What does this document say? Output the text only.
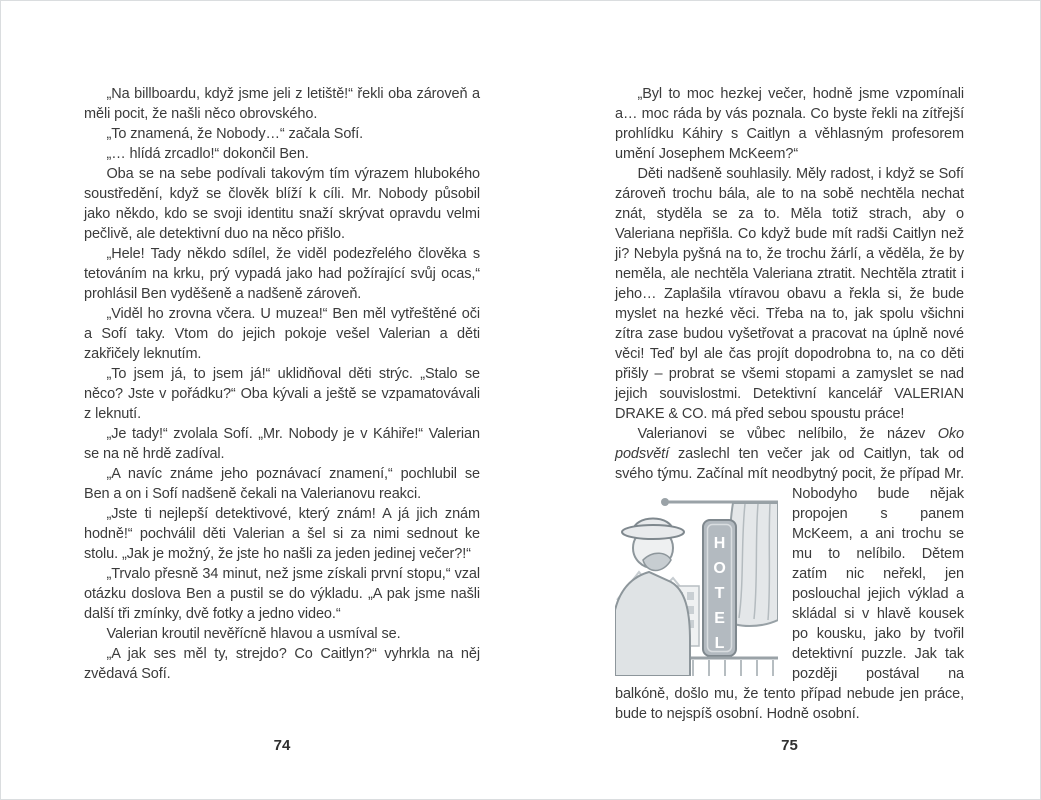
„Na billboardu, když jsme jeli z letiště!“ řekli oba zároveň a měli pocit, že našli něco obrovského.

„To znamená, že Nobody…“ začala Sofí.

„… hlídá zrcadlo!“ dokončil Ben.

Oba se na sebe podívali takovým tím výrazem hlubokého soustředění, když se člověk blíží k cíli. Mr. Nobody působil jako někdo, kdo se svoji identitu snaží skrývat opravdu velmi pečlivě, ale detektivní duo na něco přišlo.

„Hele! Tady někdo sdílel, že viděl podezřelého člověka s tetováním na krku, prý vypadá jako had požírající svůj ocas,“ prohlásil Ben vyděšeně a nadšeně zároveň.

„Viděl ho zrovna včera. U muzea!“ Ben měl vytřeštěné oči a Sofí taky. Vtom do jejich pokoje vešel Valerian a děti zakřičely leknutím.

„To jsem já, to jsem já!“ uklidňoval děti strýc. „Stalo se něco? Jste v pořádku?“ Oba kývali a ještě se vzpamatovávali z leknutí.

„Je tady!“ zvolala Sofí. „Mr. Nobody je v Káhiře!“ Valerian se na ně hrdě zadíval.

„A navíc známe jeho poznávací znamení,“ pochlubil se Ben a on i Sofí nadšeně čekali na Valerianovu reakci.

„Jste ti nejlepší detektivové, který znám! A já jich znám hodně!“ pochválil děti Valerian a šel si za nimi sednout ke stolu. „Jak je možný, že jste ho našli za jeden jedinej večer?!“

„Trvalo přesně 34 minut, než jsme získali první stopu,“ vzal otázku doslova Ben a pustil se do výkladu. „A pak jsme našli další tři zmínky, dvě fotky a jedno video.“

Valerian kroutil nevěřícně hlavou a usmíval se.

„A jak ses měl ty, strejdo? Co Caitlyn?“ vyhrkla na něj zvědavá Sofí.

„Byl to moc hezkej večer, hodně jsme vzpomínali a… moc ráda by vás poznala. Co byste řekli na zítřejší prohlídku Káhiry s Caitlyn a věhlasným profesorem umění Josephem McKeem?“

Děti nadšeně souhlasily. Měly radost, i když se Sofí zároveň trochu bála, ale to na sobě nechtěla nechat znát, styděla se za to. Měla totiž strach, aby o Valeriana nepřišla. Co když bude mít radši Caitlyn než ji? Nebyla pyšná na to, že trochu žárlí, a věděla, že by neměla, ale nechtěla Valeriana ztratit. Nechtěla ztratit i jeho… Zaplašila vtíravou obavu a řekla si, že bude myslet na hezké věci. Třeba na to, jak spolu všichni zítra zase budou vyšetřovat a pracovat na úplně nové věci! Teď byl ale čas projít dopodrobna to, na co děti přišly – probrat se všemi stopami a zamyslet se nad jejich souvislostmi. Detektivní kancelář VALERIAN DRAKE & CO. má před sebou spoustu práce!

Valerianovi se vůbec nelíbilo, že název Oko podsvětí zaslechl ten večer jak od Caitlyn, tak od svého týmu. Začínal mít neodbytný pocit, že případ Mr. Nobodyho bude
H
O
T
E
L
nějak propojen s panem McKeem, a ani trochu se mu to nelíbilo. Dětem zatím nic neřekl, jen poslouchal jejich výklad a skládal si v hlavě kousek po kousku, jako by tvořil detektivní puzzle. Jak tak později postával na balkóně, došlo mu, že tento případ nebude jen práce, bude to nejspíš osobní. Hodně osobní.

74	75
